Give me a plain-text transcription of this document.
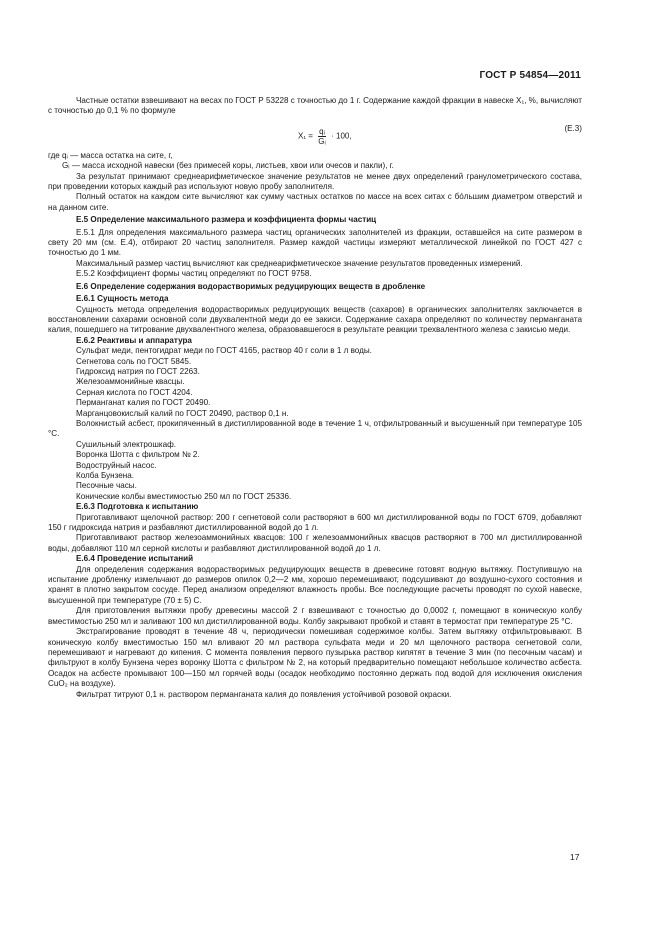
ГОСТ Р 54854—2011

Частные остатки взвешивают на весах по ГОСТ Р 53228 с точностью до 1 г. Содержание каждой фракции в навеске X₁, %, вычисляют с точностью до 0,1 % по формуле

$X_1 = \frac{\text{qᵢ}}{\text{Gᵢ}} \cdot 100$,
(Е.3)

где qᵢ — масса остатка на сите, г,

Gᵢ — масса исходной навески (без примесей коры, листьев, хвои или очесов и пакли), г.

За результат принимают среднеарифметическое значение результатов не менее двух определений гранулометрического состава, при проведении которых каждый раз используют новую пробу заполнителя.

Полный остаток на каждом сите вычисляют как сумму частных остатков по массе на всех ситах с бóльшим диаметром отверстий и на данном сите.

Е.5 Определение максимального размера и коэффициента формы частиц

Е.5.1 Для определения максимального размера частиц органических заполнителей из фракции, оставшейся на сите размером в свету 20 мм (см. Е.4), отбирают 20 частиц заполнителя. Размер каждой частицы измеряют металлической линейкой по ГОСТ 427 с точностью до 1 мм.

Максимальный размер частиц вычисляют как среднеарифметическое значение результатов проведенных измерений.

Е.5.2 Коэффициент формы частиц определяют по ГОСТ 9758.

Е.6 Определение содержания водорастворимых редуцирующих веществ в дробленке

Е.6.1 Сущность метода

Сущность метода определения водорастворимых редуцирующих веществ (сахаров) в органических заполнителях заключается в восстановлении сахарами основной соли двухвалентной меди до ее закиси. Содержание сахара определяют по количеству перманганата калия, пошедшего на титрование двухвалентного железа, образовавшегося в результате реакции трехвалентного железа с закисью меди.

Е.6.2 Реактивы и аппаратура

Сульфат меди, пентогидрат меди по ГОСТ 4165, раствор 40 г соли в 1 л воды.

Сегнетова соль по ГОСТ 5845.

Гидроксид натрия по ГОСТ 2263.

Железоаммонийные квасцы.

Серная кислота по ГОСТ 4204.

Перманганат калия по ГОСТ 20490.

Марганцовокислый калий по ГОСТ 20490, раствор 0,1 н.

Волокнистый асбест, прокипяченный в дистиллированной воде в течение 1 ч, отфильтрованный и высушенный при температуре 105 °С.

Сушильный электрошкаф.

Воронка Шотта с фильтром № 2.

Водоструйный насос.

Колба Бунзена.

Песочные часы.

Конические колбы вместимостью 250 мл по ГОСТ 25336.

Е.6.3 Подготовка к испытанию

Приготавливают щелочной раствор: 200 г сегнетовой соли растворяют в 600 мл дистиллированной воды по ГОСТ 6709, добавляют 150 г гидроксида натрия и разбавляют дистиллированной водой до 1 л.

Приготавливают раствор железоаммонийных квасцов: 100 г железоаммонийных квасцов растворяют в 700 мл дистиллированной воды, добавляют 110 мл серной кислоты и разбавляют дистиллированной водой до 1 л.

Е.6.4 Проведение испытаний

Для определения содержания водорастворимых редуцирующих веществ в древесине готовят водную вытяжку. Поступившую на испытание дробленку измельчают до размеров опилок 0,2—2 мм, хорошо перемешивают, подсушивают до воздушно-сухого состояния и хранят в плотно закрытом сосуде. Перед анализом определяют влажность пробы. Все последующие расчеты проводят по сухой навеске, высушенной при температуре (70 ± 5) С.

Для приготовления вытяжки пробу древесины массой 2 г взвешивают с точностью до 0,0002 г, помещают в коническую колбу вместимостью 250 мл и заливают 100 мл дистиллированной воды. Колбу закрывают пробкой и ставят в термостат при температуре 25 °С.

Экстрагирование проводят в течение 48 ч, периодически помешивая содержимое колбы. Затем вытяжку отфильтровывают. В коническую колбу вместимостью 150 мл вливают 20 мл раствора сульфата меди и 20 мл щелочного раствора сегнетовой соли, перемешивают и нагревают до кипения. С момента появления первого пузырька раствор кипятят в течение 3 мин (по песочным часам) и фильтруют в колбу Бунзена через воронку Шотта с фильтром № 2, на который предварительно помещают небольшое количество асбеста. Осадок на асбесте промывают 100—150 мл горячей воды (осадок необходимо постоянно держать под водой для исключения окисления CuO₂ на воздухе).

Фильтрат титруют 0,1 н. раствором перманганата калия до появления устойчивой розовой окраски.

17
